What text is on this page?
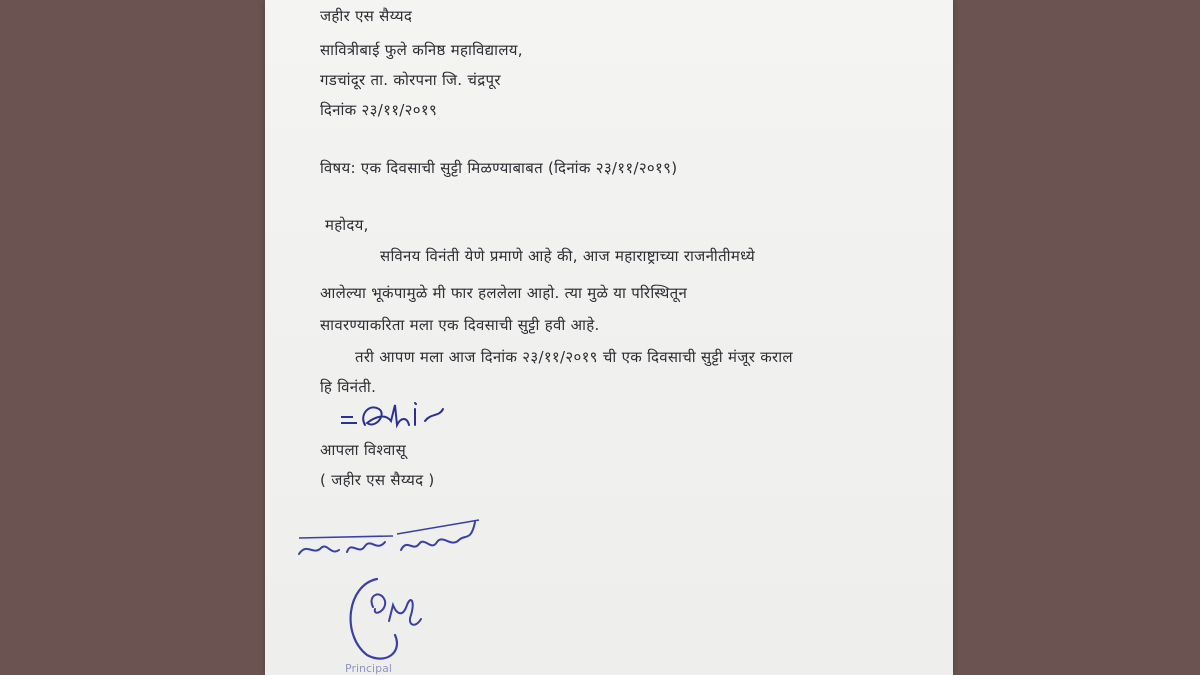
जहीर एस सैय्यद
सावित्रीबाई फुले कनिष्ठ महाविद्यालय,
गडचांदूर ता. कोरपना जि. चंद्रपूर
दिनांक २३/११/२०१९
विषय: एक दिवसाची सुट्टी मिळण्याबाबत (दिनांक २३/११/२०१९)
महोदय,
सविनय विनंती येणे प्रमाणे आहे की, आज महाराष्ट्राच्या राजनीतीमध्ये
आलेल्या भूकंपामुळे मी फार हललेला आहो. त्या मुळे या परिस्थितून
सावरण्याकरिता मला एक दिवसाची सुट्टी हवी आहे.
तरी आपण मला आज दिनांक २३/११/२०१९ ची एक दिवसाची सुट्टी मंजूर कराल
हि विनंती.
आपला विश्वासू
( जहीर एस सैय्यद )
Principal
